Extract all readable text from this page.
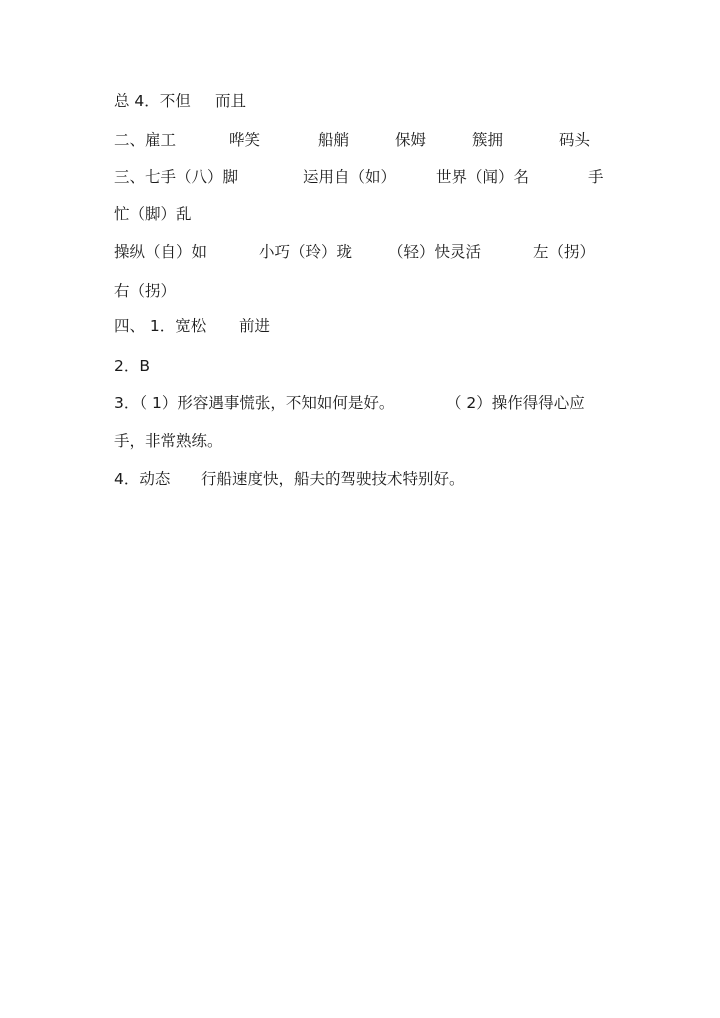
总 4．不但 而且
二、雇工	哗笑	船艄	保姆	簇拥	码头
三、七手（八）脚	运用自（如）	世界（闻）名	手
忙（脚）乱
操纵（自）如	小巧（玲）珑 （轻）快灵活	左（拐）
右（拐）
四、 1．宽松 前进
2．B
3．（ 1）形容遇事慌张，不知如何是好。	（ 2）操作得得心应
手，非常熟练。
4．动态 行船速度快，船夫的驾驶技术特别好。
